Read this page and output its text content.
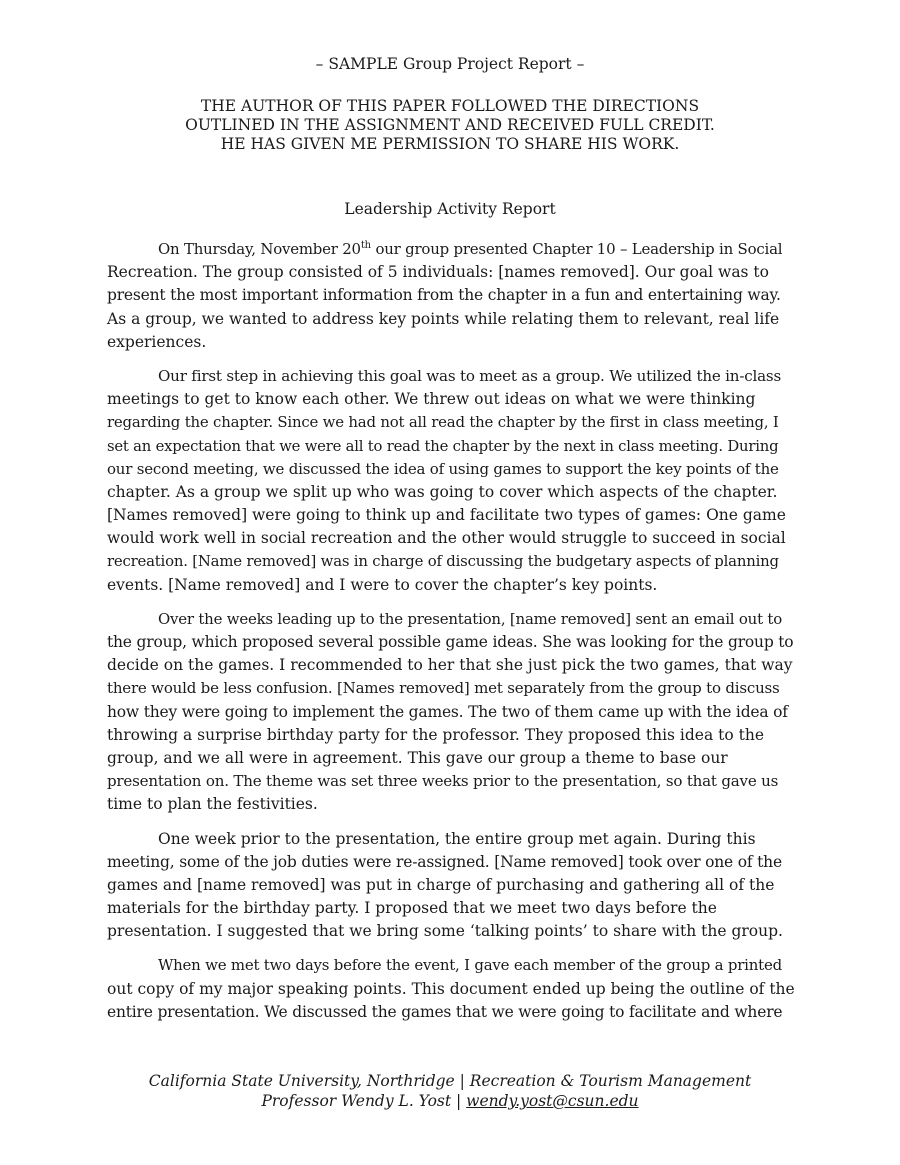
– SAMPLE Group Project Report –
THE AUTHOR OF THIS PAPER FOLLOWED THE DIRECTIONS
OUTLINED IN THE ASSIGNMENT AND RECEIVED FULL CREDIT.
HE HAS GIVEN ME PERMISSION TO SHARE HIS WORK.
Leadership Activity Report
On Thursday, November 20th our group presented Chapter 10 – Leadership in Social
Recreation. The group consisted of 5 individuals: [names removed]. Our goal was to
present the most important information from the chapter in a fun and entertaining way.
As a group, we wanted to address key points while relating them to relevant, real life
experiences.
Our first step in achieving this goal was to meet as a group. We utilized the in-class
meetings to get to know each other. We threw out ideas on what we were thinking
regarding the chapter. Since we had not all read the chapter by the first in class meeting, I
set an expectation that we were all to read the chapter by the next in class meeting. During
our second meeting, we discussed the idea of using games to support the key points of the
chapter. As a group we split up who was going to cover which aspects of the chapter.
[Names removed] were going to think up and facilitate two types of games: One game
would work well in social recreation and the other would struggle to succeed in social
recreation. [Name removed] was in charge of discussing the budgetary aspects of planning
events. [Name removed] and I were to cover the chapter’s key points.
Over the weeks leading up to the presentation, [name removed] sent an email out to
the group, which proposed several possible game ideas. She was looking for the group to
decide on the games. I recommended to her that she just pick the two games, that way
there would be less confusion. [Names removed] met separately from the group to discuss
how they were going to implement the games. The two of them came up with the idea of
throwing a surprise birthday party for the professor. They proposed this idea to the
group, and we all were in agreement. This gave our group a theme to base our
presentation on. The theme was set three weeks prior to the presentation, so that gave us
time to plan the festivities.
One week prior to the presentation, the entire group met again. During this
meeting, some of the job duties were re-assigned. [Name removed] took over one of the
games and [name removed] was put in charge of purchasing and gathering all of the
materials for the birthday party. I proposed that we meet two days before the
presentation. I suggested that we bring some ‘talking points’ to share with the group.
When we met two days before the event, I gave each member of the group a printed
out copy of my major speaking points. This document ended up being the outline of the
entire presentation. We discussed the games that we were going to facilitate and where
California State University, Northridge | Recreation & Tourism Management
Professor Wendy L. Yost | wendy.yost@csun.edu
